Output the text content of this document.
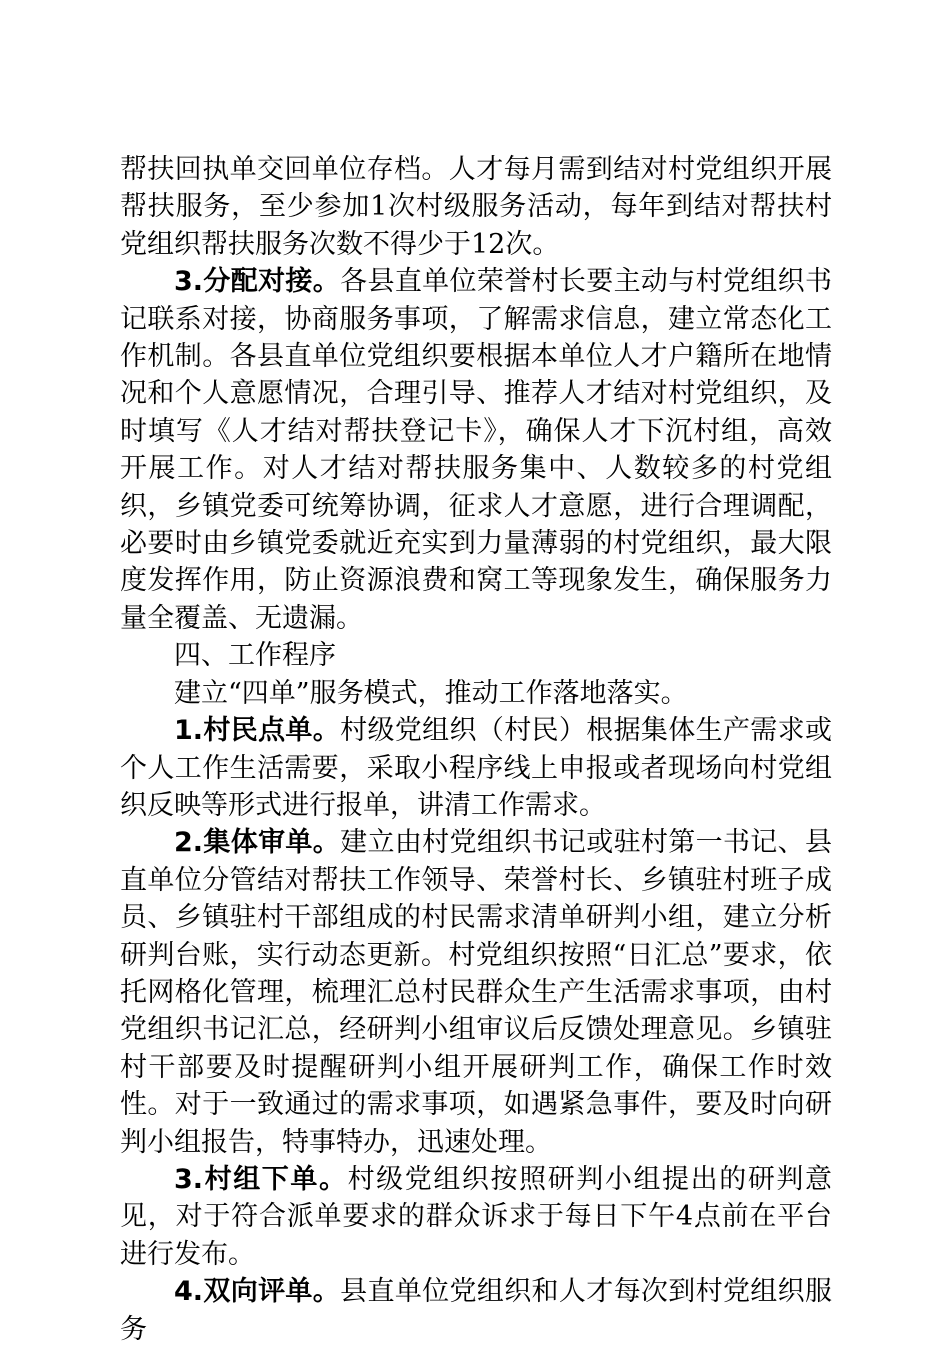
帮扶回执单交回单位存档。人才每月需到结对村党组织开展帮扶服务，至少参加1次村级服务活动，每年到结对帮扶村党组织帮扶服务次数不得少于12次。

3.分配对接。各县直单位荣誉村长要主动与村党组织书记联系对接，协商服务事项，了解需求信息，建立常态化工作机制。各县直单位党组织要根据本单位人才户籍所在地情况和个人意愿情况，合理引导、推荐人才结对村党组织，及时填写《人才结对帮扶登记卡》，确保人才下沉村组，高效开展工作。对人才结对帮扶服务集中、人数较多的村党组织，乡镇党委可统筹协调，征求人才意愿，进行合理调配，必要时由乡镇党委就近充实到力量薄弱的村党组织，最大限度发挥作用，防止资源浪费和窝工等现象发生，确保服务力量全覆盖、无遗漏。

四、工作程序

建立“四单”服务模式，推动工作落地落实。

1.村民点单。村级党组织（村民）根据集体生产需求或个人工作生活需要，采取小程序线上申报或者现场向村党组织反映等形式进行报单，讲清工作需求。

2.集体审单。建立由村党组织书记或驻村第一书记、县直单位分管结对帮扶工作领导、荣誉村长、乡镇驻村班子成员、乡镇驻村干部组成的村民需求清单研判小组，建立分析研判台账，实行动态更新。村党组织按照“日汇总”要求，依托网格化管理，梳理汇总村民群众生产生活需求事项，由村党组织书记汇总，经研判小组审议后反馈处理意见。乡镇驻村干部要及时提醒研判小组开展研判工作，确保工作时效性。对于一致通过的需求事项，如遇紧急事件，要及时向研判小组报告，特事特办，迅速处理。

3.村组下单。村级党组织按照研判小组提出的研判意见，对于符合派单要求的群众诉求于每日下午4点前在平台进行发布。

4.双向评单。县直单位党组织和人才每次到村党组织服务
